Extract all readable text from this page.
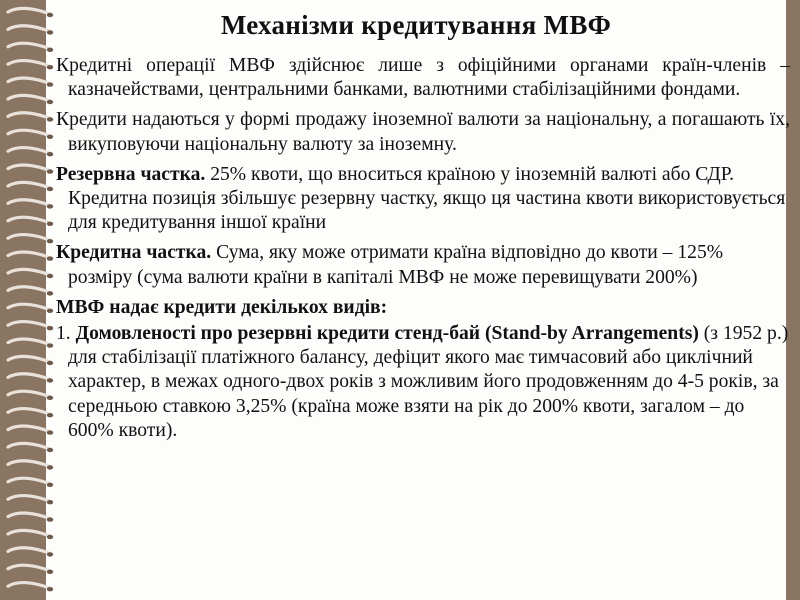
Механізми кредитування МВФ

Кредитні операції МВФ здійснює лише з офіційними органами країн-членів – казначействами, центральними банками, валютними стабілізаційними фондами.

Кредити надаються у формі продажу іноземної валюти за національну, а погашають їх, викуповуючи національну валюту за іноземну.

Резервна частка. 25% квоти, що вноситься країною у іноземній валюті або СДР. Кредитна позиція збільшує резервну частку, якщо ця частина квоти використовується для кредитування іншої країни

Кредитна частка. Сума, яку може отримати країна відповідно до квоти – 125% розміру (сума валюти країни в капіталі МВФ не може перевищувати 200%)

МВФ надає кредити декількох видів:

1. Домовленості про резервні кредити стенд-бай (Stand-by Arrangements) (з 1952 р.) для стабілізації платіжного балансу, дефіцит якого має тимчасовий або циклічний характер, в межах одного-двох років з можливим його продовженням до 4-5 років, за середньою ставкою 3,25% (країна може взяти на рік до 200% квоти, загалом – до 600% квоти).
